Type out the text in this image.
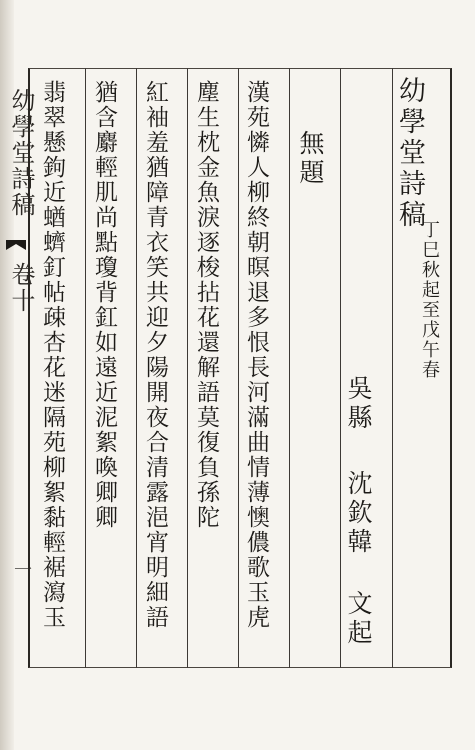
幼學堂詩稿
卷十
一
幼學堂詩稿
丁巳秋起至戊午春
吳縣
沈欽韓
文起
無題
漢苑憐人柳終朝暝退多恨長河滿曲情薄懊儂歌玉虎
塵生枕金魚淚逐梭拈花還解語莫復負孫陀
紅袖羞猶障青衣笑共迎夕陽開夜合清露浥宵明細語
猶含麝輕肌尚點瓊背釭如遠近泥絮喚卿卿
翡翠懸鉤近蝤蠐釘帖疎杏花迷隔苑柳絮黏輕裾瀉玉
